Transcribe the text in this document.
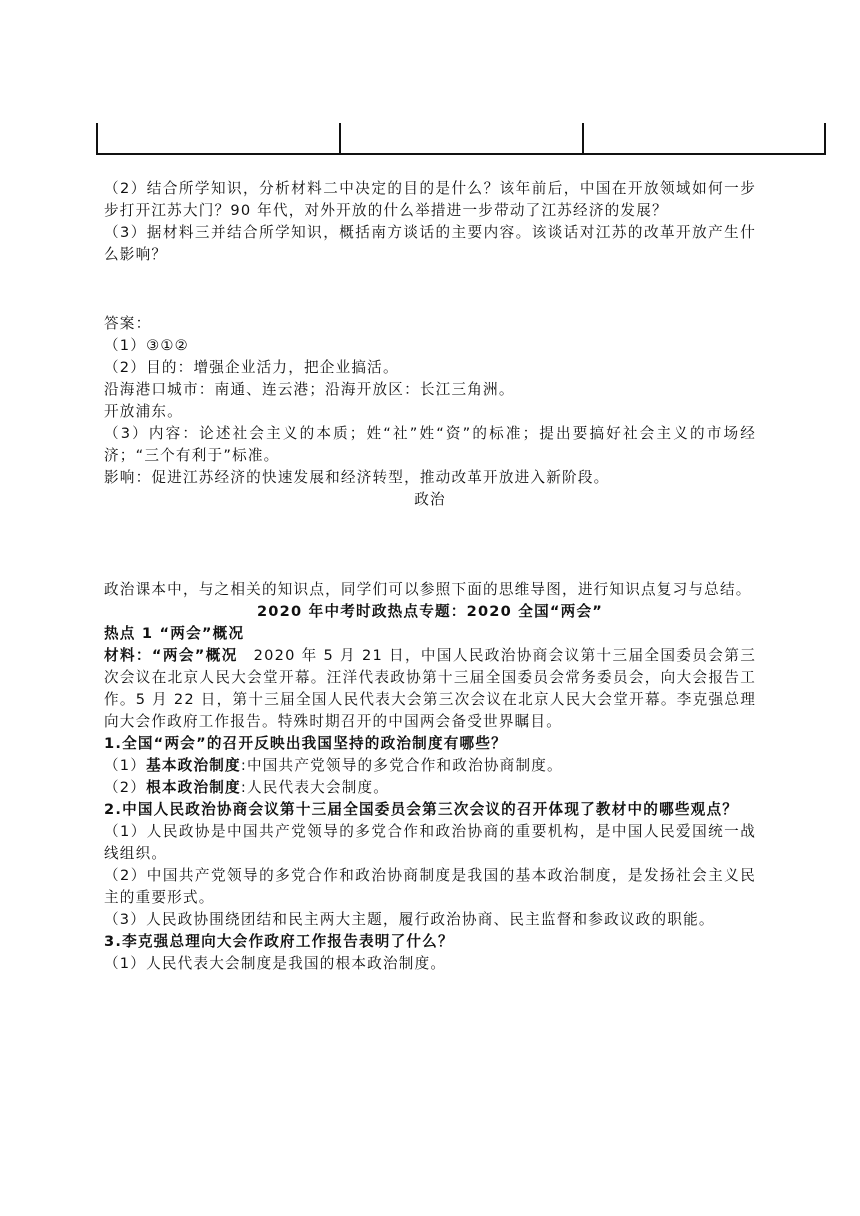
（2）结合所学知识，分析材料二中决定的目的是什么？该年前后，中国在开放领域如何一步步打开江苏大门？90 年代，对外开放的什么举措进一步带动了江苏经济的发展？

（3）据材料三并结合所学知识，概括南方谈话的主要内容。该谈话对江苏的改革开放产生什么影响？

答案：

（1）③①②

（2）目的：增强企业活力，把企业搞活。

沿海港口城市：南通、连云港；沿海开放区：长江三角洲。

开放浦东。

（3）内容：论述社会主义的本质；姓“社”姓“资”的标准；提出要搞好社会主义的市场经济；“三个有利于”标准。

影响：促进江苏经济的快速发展和经济转型，推动改革开放进入新阶段。

政治

政治课本中，与之相关的知识点，同学们可以参照下面的思维导图，进行知识点复习与总结。

2020 年中考时政热点专题：2020 全国“两会”

热点 1 “两会”概况

材料：“两会”概况　2020 年 5 月 21 日，中国人民政治协商会议第十三届全国委员会第三次会议在北京人民大会堂开幕。汪洋代表政协第十三届全国委员会常务委员会，向大会报告工作。5 月 22 日，第十三届全国人民代表大会第三次会议在北京人民大会堂开幕。李克强总理向大会作政府工作报告。特殊时期召开的中国两会备受世界瞩目。

1.全国“两会”的召开反映出我国坚持的政治制度有哪些？

（1）基本政治制度:中国共产党领导的多党合作和政治协商制度。

（2）根本政治制度:人民代表大会制度。

2.中国人民政治协商会议第十三届全国委员会第三次会议的召开体现了教材中的哪些观点？

（1）人民政协是中国共产党领导的多党合作和政治协商的重要机构，是中国人民爱国统一战线组织。

（2）中国共产党领导的多党合作和政治协商制度是我国的基本政治制度，是发扬社会主义民主的重要形式。

（3）人民政协围绕团结和民主两大主题，履行政治协商、民主监督和参政议政的职能。

3.李克强总理向大会作政府工作报告表明了什么？

（1）人民代表大会制度是我国的根本政治制度。
